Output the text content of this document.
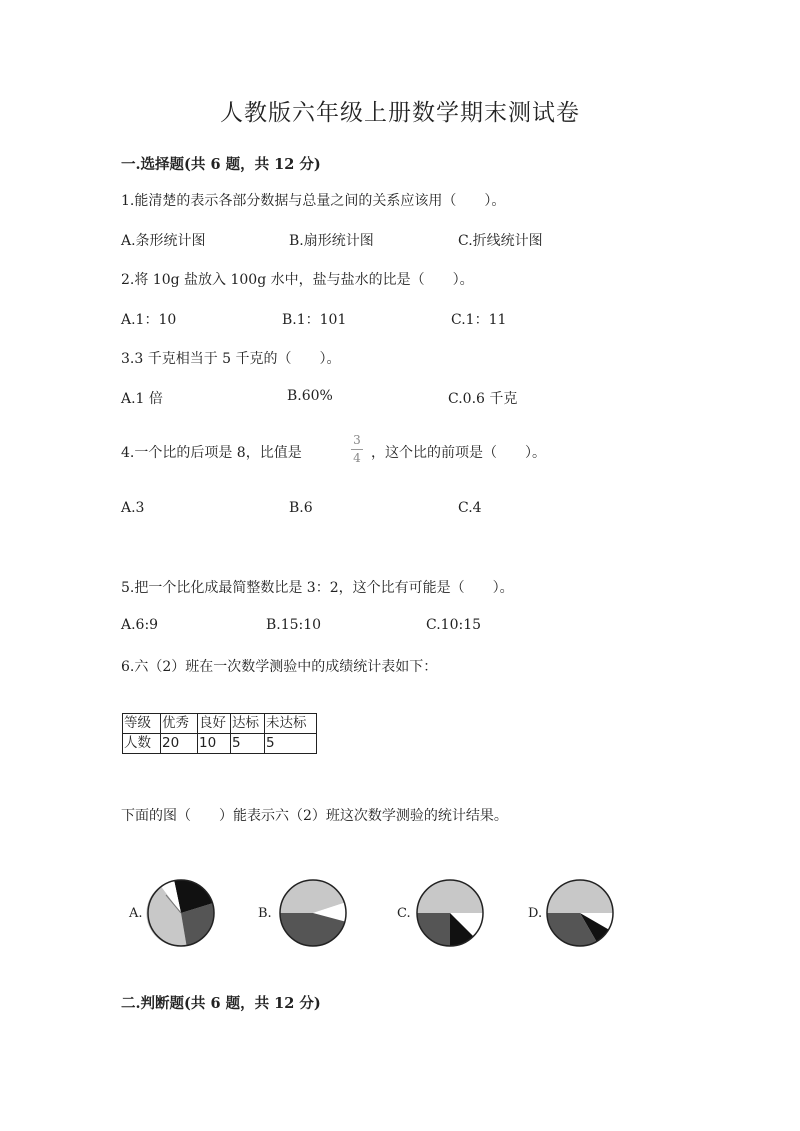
人教版六年级上册数学期末测试卷
一.选择题(共 6 题，共 12 分)
1.能清楚的表示各部分数据与总量之间的关系应该用（　　）。
A.条形统计图	B.扇形统计图	C.折线统计图
2.将 10g 盐放入 100g 水中，盐与盐水的比是（　　）。
A.1：10	B.1：101	C.1：11
3.3 千克相当于 5 千克的（　　）。
A.1 倍	B.60%	C.0.6 千克
4.一个比的后项是 8，比值是	$\frac{3}{4}$ ，这个比的前项是（　　）。
A.3	B.6	C.4
5.把一个比化成最简整数比是 3：2，这个比有可能是（　　）。
A.6:9	B.15:10	C.10:15
6.六（2）班在一次数学测验中的成绩统计表如下：
等级	优秀	良好	达标	未达标
人数	20	10	5	5
下面的图（　　）能表示六（2）班这次数学测验的统计结果。
A.	B.	C.	D.
二.判断题(共 6 题，共 12 分)
